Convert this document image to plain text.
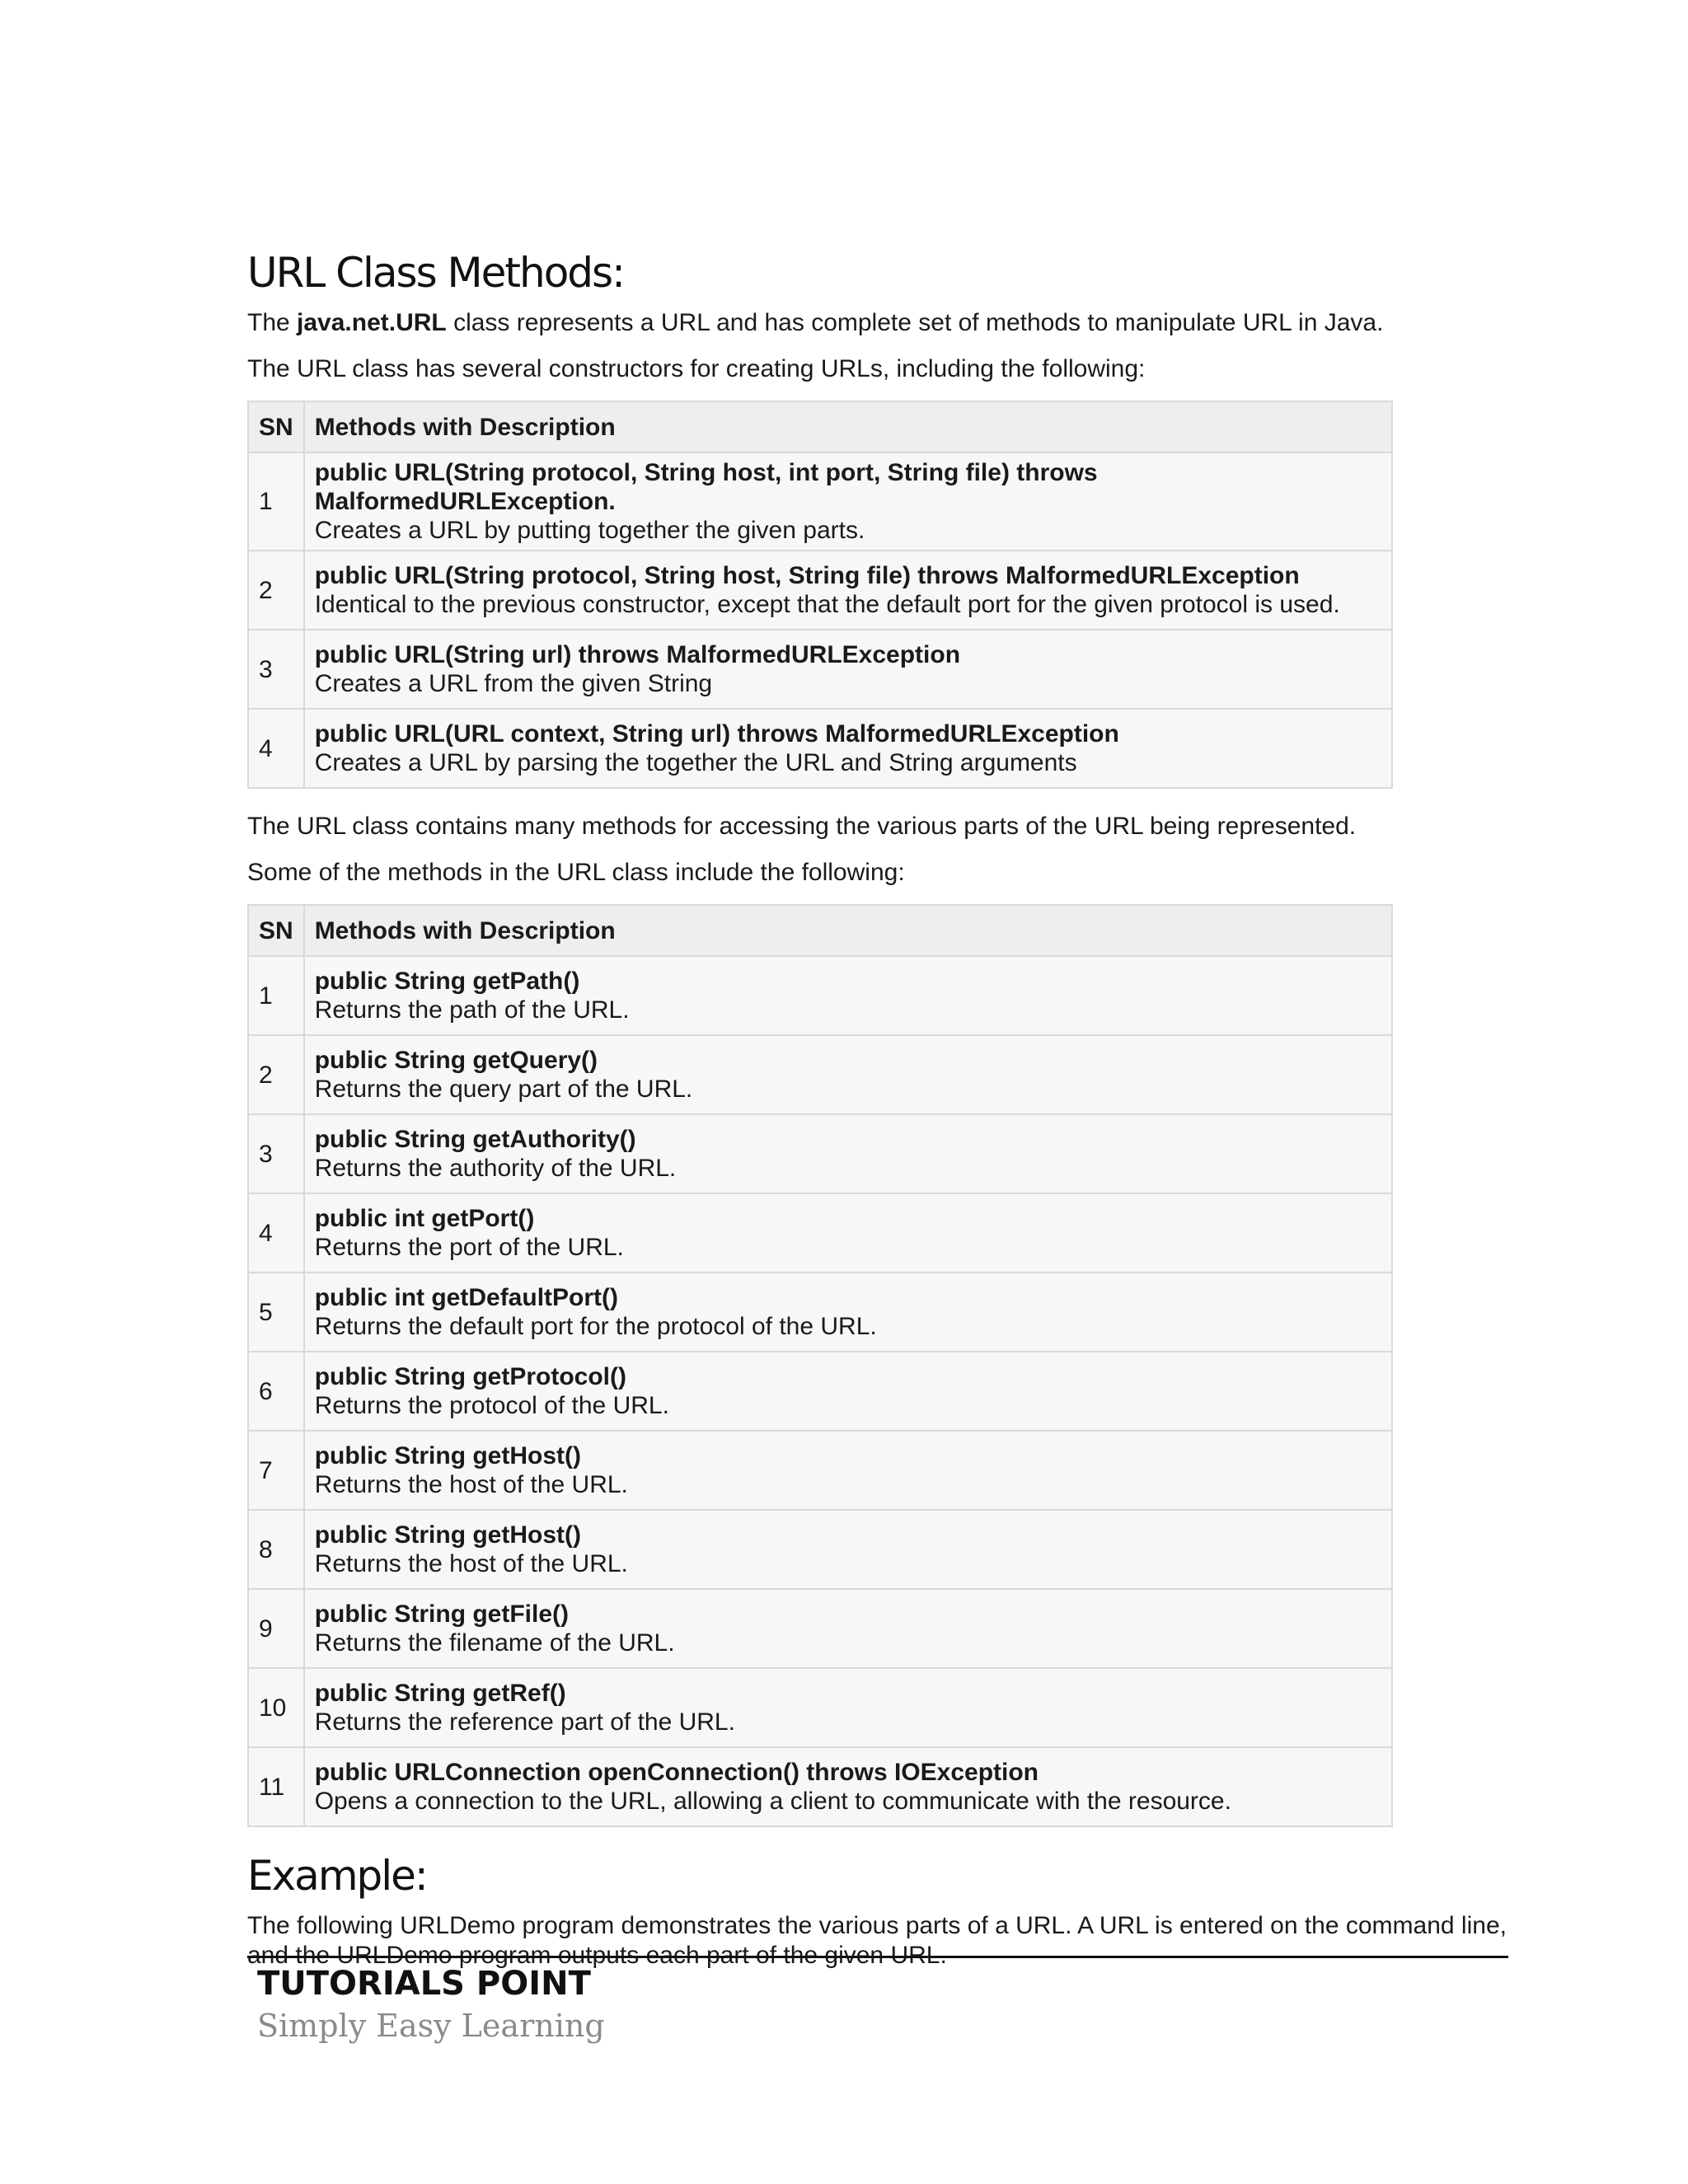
URL Class Methods:

The java.net.URL class represents a URL and has complete set of methods to manipulate URL in Java.

The URL class has several constructors for creating URLs, including the following:

SN	Methods with Description
1	public URL(String protocol, String host, int port, String file) throws MalformedURLException.
Creates a URL by putting together the given parts.

2	public URL(String protocol, String host, String file) throws MalformedURLException
Identical to the previous constructor, except that the default port for the given protocol is used.

3	public URL(String url) throws MalformedURLException
Creates a URL from the given String

4	public URL(URL context, String url) throws MalformedURLException
Creates a URL by parsing the together the URL and String arguments

The URL class contains many methods for accessing the various parts of the URL being represented.

Some of the methods in the URL class include the following:

SN	Methods with Description
1	public String getPath()
Returns the path of the URL.

2	public String getQuery()
Returns the query part of the URL.

3	public String getAuthority()
Returns the authority of the URL.

4	public int getPort()
Returns the port of the URL.

5	public int getDefaultPort()
Returns the default port for the protocol of the URL.

6	public String getProtocol()
Returns the protocol of the URL.

7	public String getHost()
Returns the host of the URL.

8	public String getHost()
Returns the host of the URL.

9	public String getFile()
Returns the filename of the URL.

10	public String getRef()
Returns the reference part of the URL.

11	public URLConnection openConnection() throws IOException
Opens a connection to the URL, allowing a client to communicate with the resource.
Example:

The following URLDemo program demonstrates the various parts of a URL. A URL is entered on the command line, and the URLDemo program outputs each part of the given URL.

TUTORIALS POINT
Simply Easy Learning
